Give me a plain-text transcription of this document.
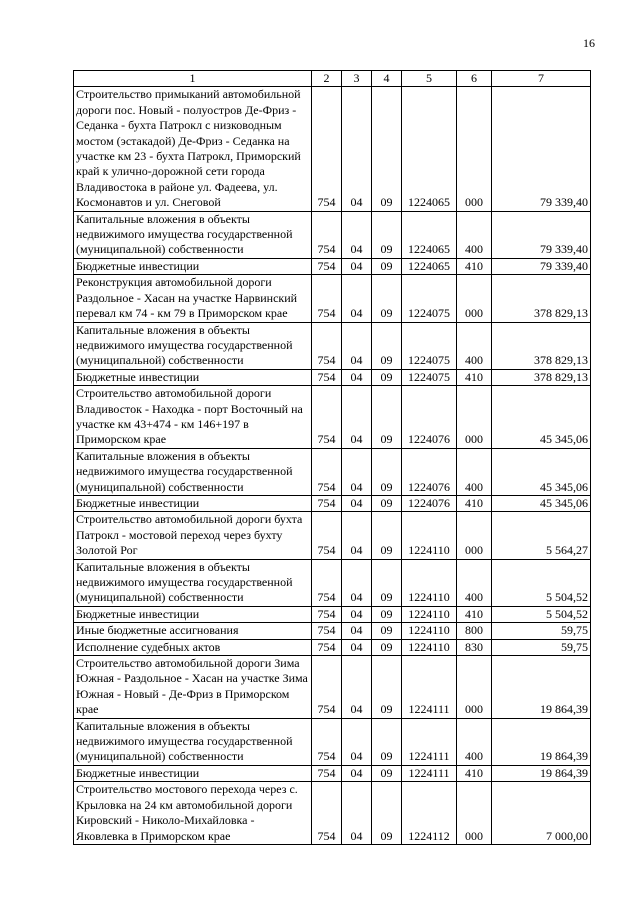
16
1	2	3	4	5	6	7
Строительство примыканий автомобильной дороги пос. Новый - полуостров Де-Фриз - Седанка - бухта Патрокл с низководным мостом (эстакадой) Де-Фриз - Седанка на участке км 23 - бухта Патрокл, Приморский край к улично-дорожной сети города Владивостока в районе ул. Фадеева, ул. Космонавтов и ул. Снеговой	754	04	09	1224065	000	79 339,40
Капитальные вложения в объекты недвижимого имущества государственной (муниципальной) собственности	754	04	09	1224065	400	79 339,40
Бюджетные инвестиции	754	04	09	1224065	410	79 339,40
Реконструкция автомобильной дороги Раздольное - Хасан на участке Нарвинский перевал км 74 - км 79 в Приморском крае	754	04	09	1224075	000	378 829,13
Капитальные вложения в объекты недвижимого имущества государственной (муниципальной) собственности	754	04	09	1224075	400	378 829,13
Бюджетные инвестиции	754	04	09	1224075	410	378 829,13
Строительство автомобильной дороги Владивосток - Находка - порт Восточный на участке км 43+474 - км 146+197 в Приморском крае	754	04	09	1224076	000	45 345,06
Капитальные вложения в объекты недвижимого имущества государственной (муниципальной) собственности	754	04	09	1224076	400	45 345,06
Бюджетные инвестиции	754	04	09	1224076	410	45 345,06
Строительство автомобильной дороги бухта Патрокл - мостовой переход через бухту Золотой Рог	754	04	09	1224110	000	5 564,27
Капитальные вложения в объекты недвижимого имущества государственной (муниципальной) собственности	754	04	09	1224110	400	5 504,52
Бюджетные инвестиции	754	04	09	1224110	410	5 504,52
Иные бюджетные ассигнования	754	04	09	1224110	800	59,75
Исполнение судебных актов	754	04	09	1224110	830	59,75
Строительство автомобильной дороги Зима Южная - Раздольное - Хасан на участке Зима Южная - Новый - Де-Фриз в Приморском крае	754	04	09	1224111	000	19 864,39
Капитальные вложения в объекты недвижимого имущества государственной (муниципальной) собственности	754	04	09	1224111	400	19 864,39
Бюджетные инвестиции	754	04	09	1224111	410	19 864,39
Строительство мостового перехода через с. Крыловка на 24 км автомобильной дороги Кировский - Николо-Михайловка - Яковлевка в Приморском крае	754	04	09	1224112	000	7 000,00
